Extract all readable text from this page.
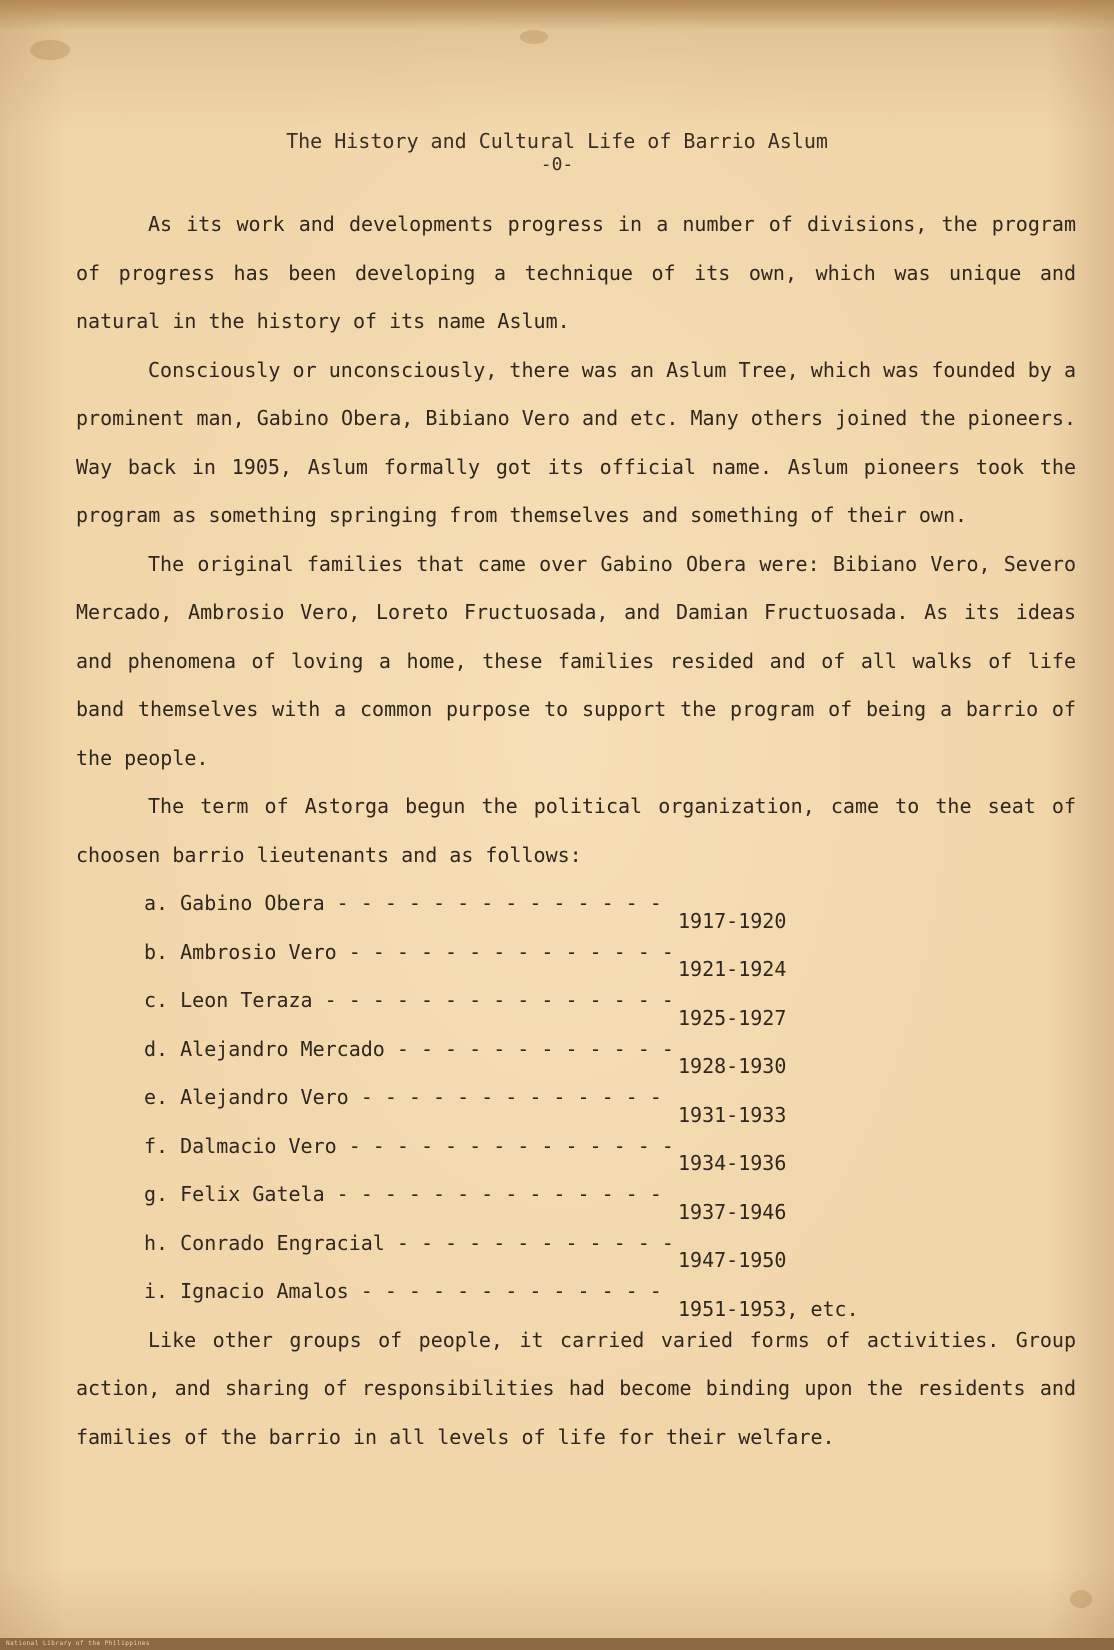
The History and Cultural Life of Barrio Aslum
-0-

As its work and developments progress in a number of divisions, the program of progress has been developing a technique of its own, which was unique and natural in the history of its name Aslum.

Consciously or unconsciously, there was an Aslum Tree, which was founded by a prominent man, Gabino Obera, Bibiano Vero and etc. Many others joined the pioneers. Way back in 1905, Aslum formally got its official name. Aslum pioneers took the program as something springing from themselves and something of their own.

The original families that came over Gabino Obera were: Bibiano Vero, Severo Mercado, Ambrosio Vero, Loreto Fructuosada, and Damian Fructuosada. As its ideas and phenomena of loving a home, these families resided and of all walks of life band themselves with a common purpose to support the program of being a barrio of the people.

The term of Astorga begun the political organization, came to the seat of choosen barrio lieutenants and as follows:

a. Gabino Obera - - -1917-1920
b. Ambrosio Vero - - -1921-1924
c. Leon Teraza - - -1925-1927
d. Alejandro Mercado - - -1928-1930
e. Alejandro Vero - - -1931-1933
f. Dalmacio Vero - - -1934-1936
g. Felix Gatela - - -1937-1946
h. Conrado Engracial - - -1947-1950
i. Ignacio Amalos - - -1951-1953, etc.

Like other groups of people, it carried varied forms of activities. Group action, and sharing of responsibilities had become binding upon the residents and families of the barrio in all levels of life for their welfare.

National Library of the Philippines
